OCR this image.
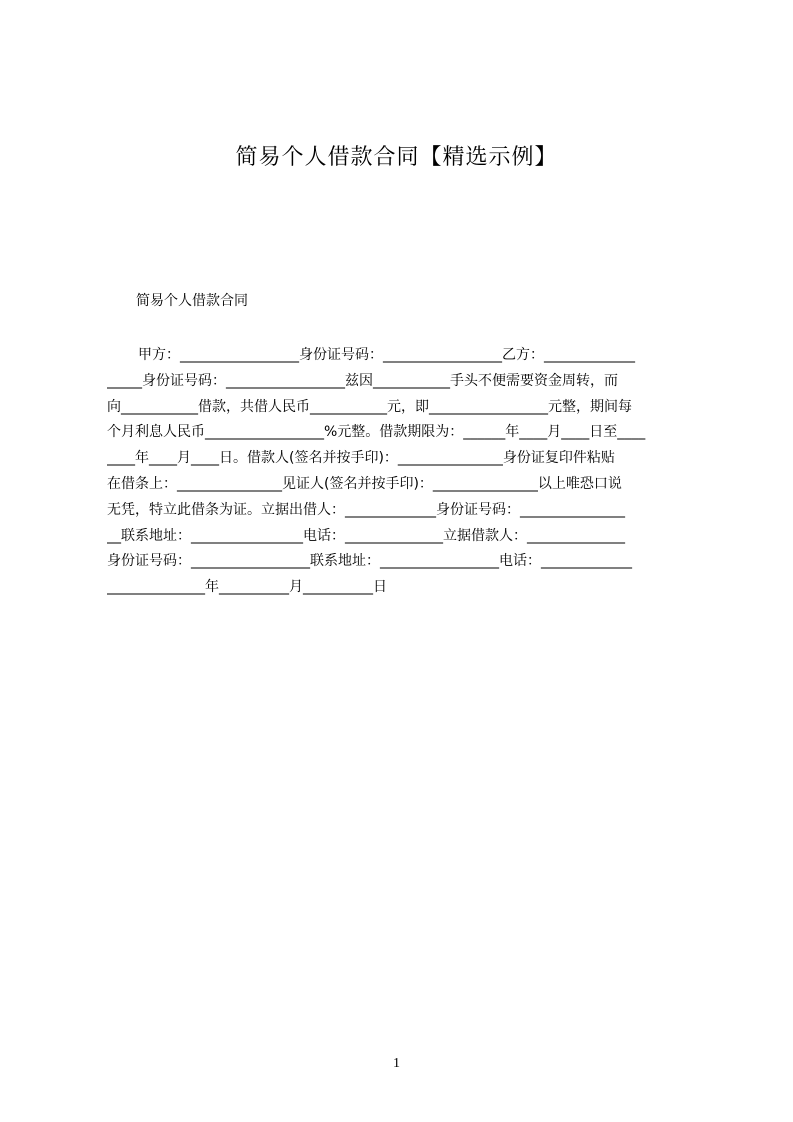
简易个人借款合同【精选示例】

简易个人借款合同

甲方：_________________身份证号码：_________________乙方：_____________
_____身份证号码：_________________兹因___________手头不便需要资金周转，而
向___________借款，共借人民币___________元，即_________________元整，期间每
个月利息人民币_________________%元整。借款期限为：______年____月____日至____
____年____月____日。借款人(签名并按手印)：_______________身份证复印件粘贴
在借条上：_______________见证人(签名并按手印)：_______________以上唯恐口说
无凭，特立此借条为证。立据出借人：_____________身份证号码：_______________
__联系地址：________________电话：______________立据借款人：______________
身份证号码：_________________联系地址：_________________电话：_____________
______________年__________月__________日
1
